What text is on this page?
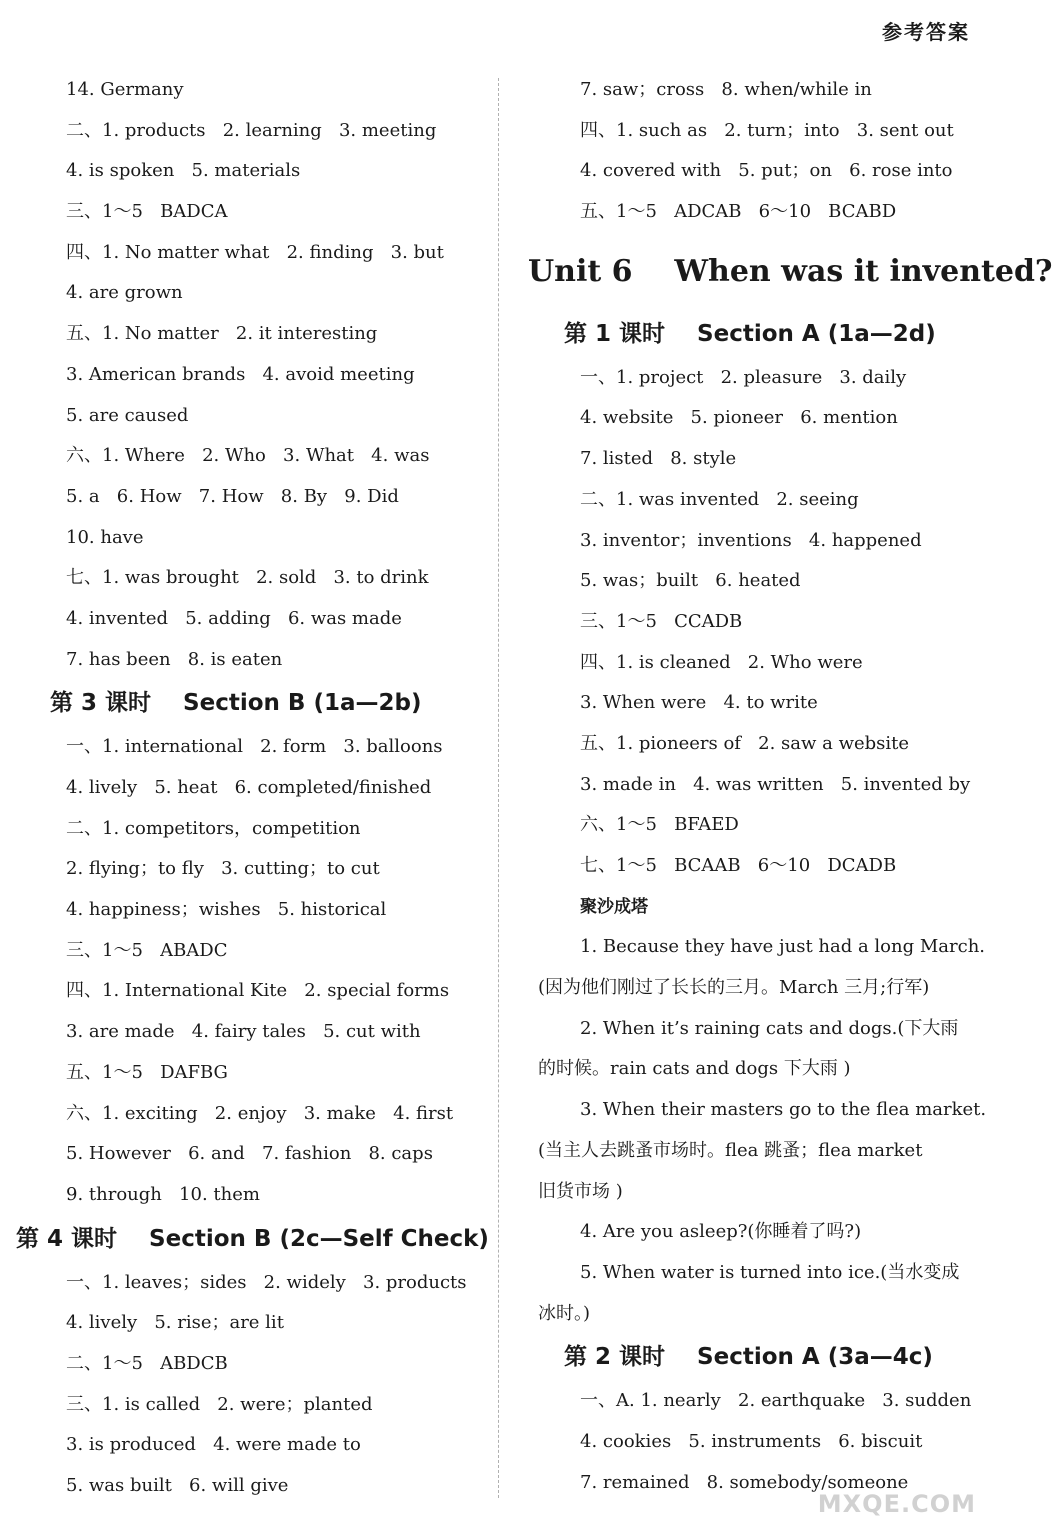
参考答案
14. Germany
二、1. products   2. learning   3. meeting
4. is spoken   5. materials
三、1～5   BADCA
四、1. No matter what   2. finding   3. but
4. are grown
五、1. No matter   2. it interesting
3. American brands   4. avoid meeting
5. are caused
六、1. Where   2. Who   3. What   4. was
5. a   6. How   7. How   8. By   9. Did
10. have
七、1. was brought   2. sold   3. to drink
4. invented   5. adding   6. was made
7. has been   8. is eaten
第 3 课时    Section B (1a—2b)
一、1. international   2. form   3. balloons
4. lively   5. heat   6. completed/finished
二、1. competitors，competition
2. flying；to fly   3. cutting；to cut
4. happiness；wishes   5. historical
三、1～5   ABADC
四、1. International Kite   2. special forms
3. are made   4. fairy tales   5. cut with
五、1～5   DAFBG
六、1. exciting   2. enjoy   3. make   4. first
5. However   6. and   7. fashion   8. caps
9. through   10. them
第 4 课时    Section B (2c—Self Check)
一、1. leaves；sides   2. widely   3. products
4. lively   5. rise；are lit
二、1～5   ABDCB
三、1. is called   2. were；planted
3. is produced   4. were made to
5. was built   6. will give
7. saw；cross   8. when/while in
四、1. such as   2. turn；into   3. sent out
4. covered with   5. put；on   6. rose into
五、1～5   ADCAB   6～10   BCABD
Unit 6    When was it invented?
第 1 课时    Section A (1a—2d)
一、1. project   2. pleasure   3. daily
4. website   5. pioneer   6. mention
7. listed   8. style
二、1. was invented   2. seeing
3. inventor；inventions   4. happened
5. was；built   6. heated
三、1～5   CCADB
四、1. is cleaned   2. Who were
3. When were   4. to write
五、1. pioneers of   2. saw a website
3. made in   4. was written   5. invented by
六、1～5   BFAED
七、1～5   BCAAB   6～10   DCADB
聚沙成塔
1. Because they have just had a long March.
(因为他们刚过了长长的三月。March 三月;行军)
2. When it’s raining cats and dogs.(下大雨
的时候。rain cats and dogs 下大雨 )
3. When their masters go to the flea market.
(当主人去跳蚤市场时。flea 跳蚤；flea market
旧货市场 )
4. Are you asleep?(你睡着了吗?)
5. When water is turned into ice.(当水变成
冰时。)
第 2 课时    Section A (3a—4c)
一、A. 1. nearly   2. earthquake   3. sudden
4. cookies   5. instruments   6. biscuit
7. remained   8. somebody/someone
MXQE.COM
